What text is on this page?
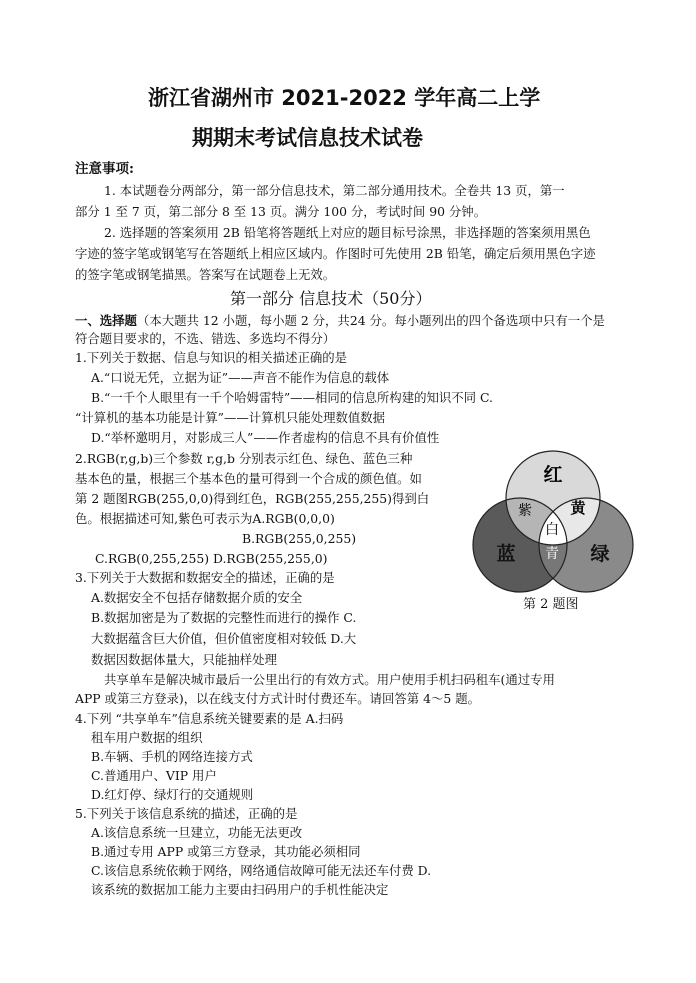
浙江省湖州市 2021-2022 学年高二上学
期期末考试信息技术试卷
注意事项:
1. 本试题卷分两部分，第一部分信息技术，第二部分通用技术。全卷共 13 页，第一
部分 1 至 7 页，第二部分 8 至 13 页。满分 100 分，考试时间 90 分钟。
2. 选择题的答案须用 2B 铅笔将答题纸上对应的题目标号涂黑，非选择题的答案须用黑色
字迹的签字笔或钢笔写在答题纸上相应区域内。作图时可先使用 2B 铅笔，确定后须用黑色字迹
的签字笔或钢笔描黑。答案写在试题卷上无效。
第一部分 信息技术（50分）
一、选择题（本大题共 12 小题，每小题 2 分，共24 分。每小题列出的四个备选项中只有一个是
符合题目要求的，不选、错选、多选均不得分）
1.下列关于数据、信息与知识的相关描述正确的是
A.“口说无凭，立据为证”——声音不能作为信息的载体
B.“一千个人眼里有一千个哈姆雷特”——相同的信息所构建的知识不同 C.
“计算机的基本功能是计算”——计算机只能处理数值数据
D.“举杯邀明月，对影成三人”——作者虚构的信息不具有价值性
2.RGB(r,g,b)三个参数 r,g,b 分别表示红色、绿色、蓝色三种
基本色的量，根据三个基本色的量可得到一个合成的颜色值。如
第 2 题图RGB(255,0,0)得到红色，RGB(255,255,255)得到白
色。根据描述可知,紫色可表示为A.RGB(0,0,0)
B.RGB(255,0,255)
C.RGB(0,255,255) D.RGB(255,255,0)
红
紫	黄
白
蓝 青 绿
第 2 题图
3.下列关于大数据和数据安全的描述，正确的是
A.数据安全不包括存储数据介质的安全
B.数据加密是为了数据的完整性而进行的操作 C.
大数据蕴含巨大价值，但价值密度相对较低 D.大
数据因数据体量大，只能抽样处理
共享单车是解决城市最后一公里出行的有效方式。用户使用手机扫码租车(通过专用
APP 或第三方登录)，以在线支付方式计时付费还车。请回答第 4～5 题。
4.下列 “共享单车”信息系统关键要素的是 A.扫码
租车用户数据的组织
B.车辆、手机的网络连接方式
C.普通用户、VIP 用户
D.红灯停、绿灯行的交通规则
5.下列关于该信息系统的描述，正确的是
A.该信息系统一旦建立，功能无法更改
B.通过专用 APP 或第三方登录，其功能必须相同
C.该信息系统依赖于网络，网络通信故障可能无法还车付费 D.
该系统的数据加工能力主要由扫码用户的手机性能决定
